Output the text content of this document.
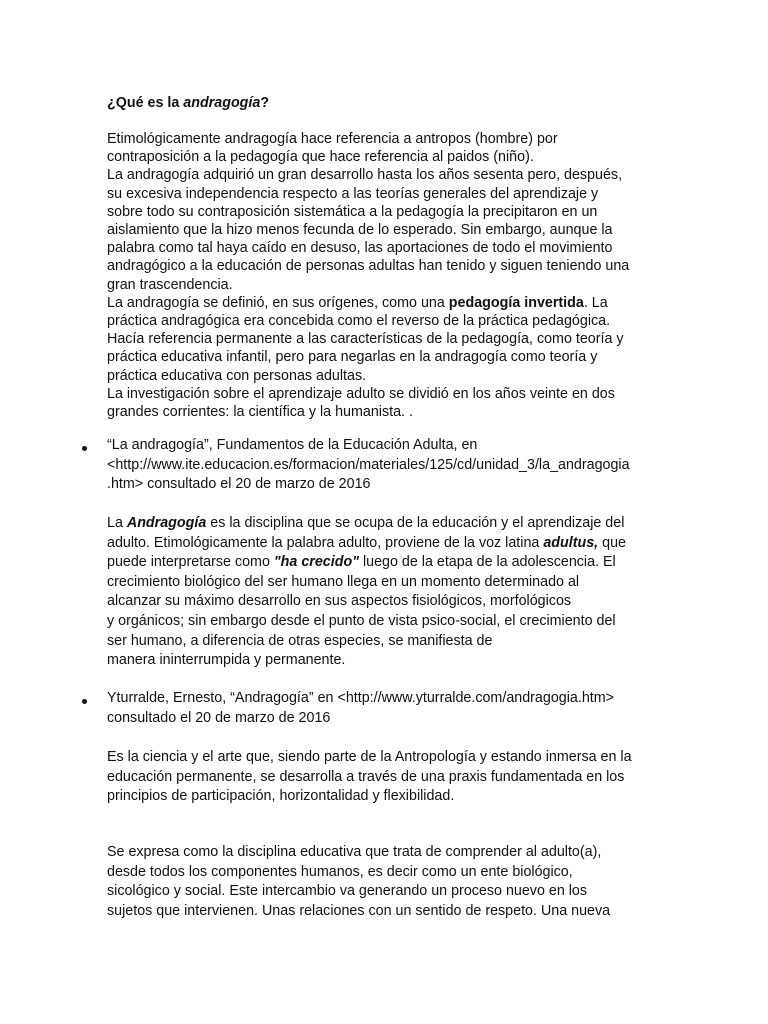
¿Qué es la andragogía?

Etimológicamente andragogía hace referencia a antropos (hombre) por
contraposición a la pedagogía que hace referencia al paidos (niño).
La andragogía adquirió un gran desarrollo hasta los años sesenta pero, después,
su excesiva independencia respecto a las teorías generales del aprendizaje y
sobre todo su contraposición sistemática a la pedagogía la precipitaron en un
aislamiento que la hizo menos fecunda de lo esperado. Sin embargo, aunque la
palabra como tal haya caído en desuso, las aportaciones de todo el movimiento
andragógico a la educación de personas adultas han tenido y siguen teniendo una
gran trascendencia.
La andragogía se definió, en sus orígenes, como una pedagogía invertida. La
práctica andragógica era concebida como el reverso de la práctica pedagógica.
Hacía referencia permanente a las características de la pedagogía, como teoría y
práctica educativa infantil, pero para negarlas en la andragogía como teoría y
práctica educativa con personas adultas.
La investigación sobre el aprendizaje adulto se dividió en los años veinte en dos
grandes corrientes: la científica y la humanista. .
“La andragogía”, Fundamentos de la Educación Adulta, en
<http://www.ite.educacion.es/formacion/materiales/125/cd/unidad_3/la_andragogia
.htm> consultado el 20 de marzo de 2016
La Andragogía es la disciplina que se ocupa de la educación y el aprendizaje del
adulto. Etimológicamente la palabra adulto, proviene de la voz latina adultus, que
puede interpretarse como "ha crecido" luego de la etapa de la adolescencia. El
crecimiento biológico del ser humano llega en un momento determinado al
alcanzar su máximo desarrollo en sus aspectos fisiológicos, morfológicos
y orgánicos; sin embargo desde el punto de vista psico-social, el crecimiento del
ser humano, a diferencia de otras especies, se manifiesta de
manera ininterrumpida y permanente.
Yturralde, Ernesto, “Andragogía” en <http://www.yturralde.com/andragogia.htm>
consultado el 20 de marzo de 2016
Es la ciencia y el arte que, siendo parte de la Antropología y estando inmersa en la
educación permanente, se desarrolla a través de una praxis fundamentada en los
principios de participación, horizontalidad y flexibilidad.
Se expresa como la disciplina educativa que trata de comprender al adulto(a),
desde todos los componentes humanos, es decir como un ente biológico,
sicológico y social. Este intercambio va generando un proceso nuevo en los
sujetos que intervienen. Unas relaciones con un sentido de respeto. Una nueva
